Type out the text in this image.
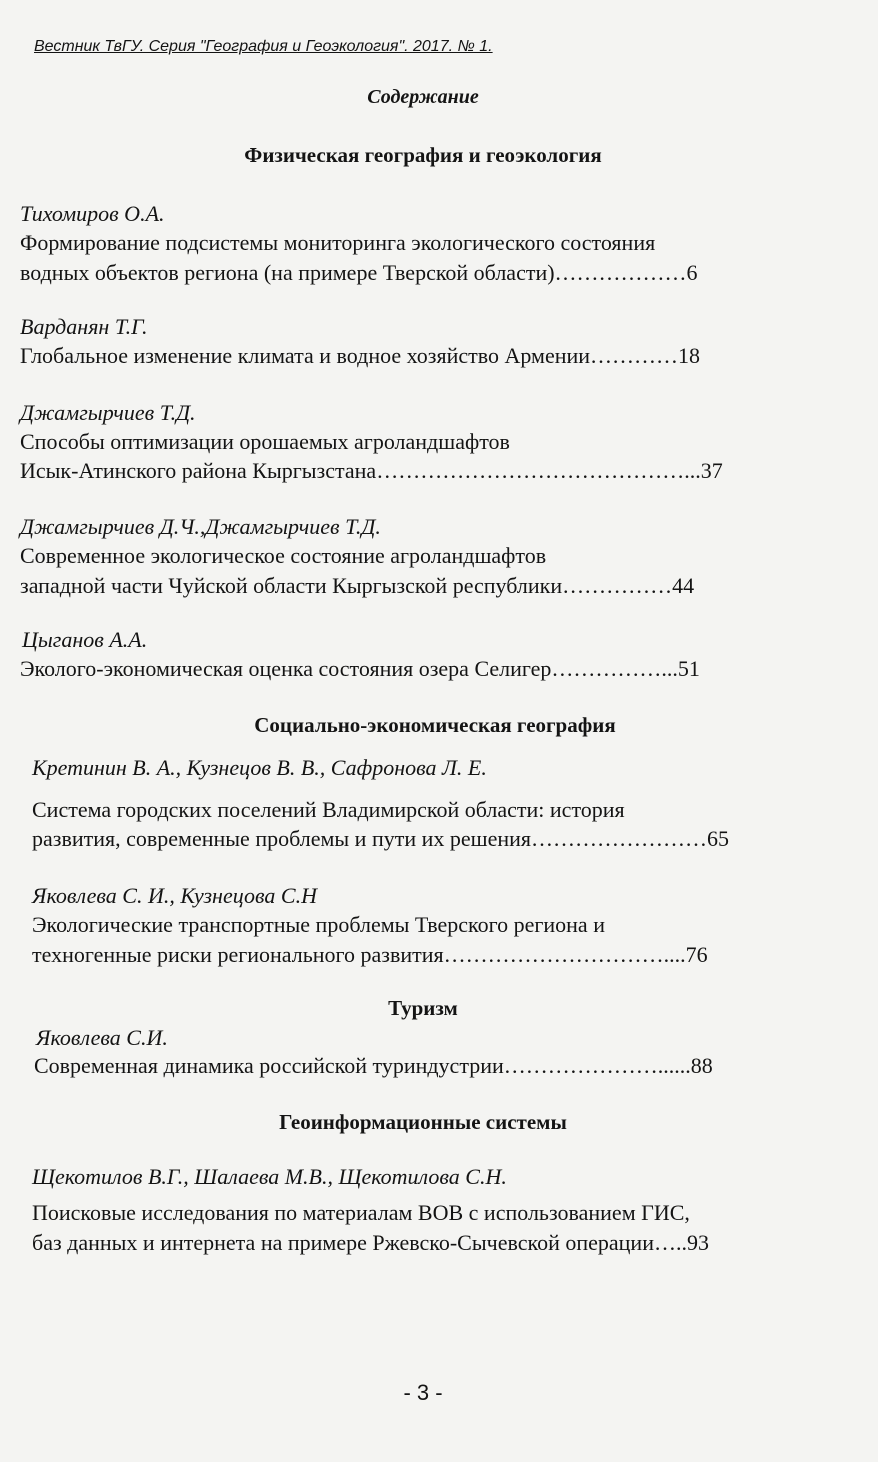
Вестник ТвГУ. Серия "География и Геоэкология". 2017. № 1.
Содержание
Физическая география и геоэкология
Тихомиров О.А.
Формирование подсистемы мониторинга экологического состояния
водных объектов региона (на примере Тверской области)………………6
Варданян Т.Г.
Глобальное изменение климата и водное хозяйство Армении…………18
Джамгырчиев Т.Д.
Способы оптимизации орошаемых агроландшафтов
Исык-Атинского района Кыргызстана……………………………………...37
Джамгырчиев Д.Ч.,Джамгырчиев Т.Д.
Современное экологическое состояние агроландшафтов
западной части Чуйской области Кыргызской республики……………44
Цыганов А.А.
Эколого-экономическая оценка состояния озера Селигер……………...51
Социально-экономическая география
Кретинин В. А., Кузнецов В. В., Сафронова Л. Е.
Система городских поселений Владимирской области: история
развития, современные проблемы и пути их решения……………………65
Яковлева С. И., Кузнецова С.Н
Экологические транспортные проблемы Тверского региона и
техногенные риски регионального развития…………………………....76
Туризм
Яковлева С.И.
Современная динамика российской туриндустрии…………………......88
Геоинформационные системы
Щекотилов В.Г., Шалаева М.В., Щекотилова С.Н.
Поисковые исследования по материалам ВОВ с использованием ГИС,
баз данных и интернета на примере Ржевско-Сычевской операции…..93
- 3 -
